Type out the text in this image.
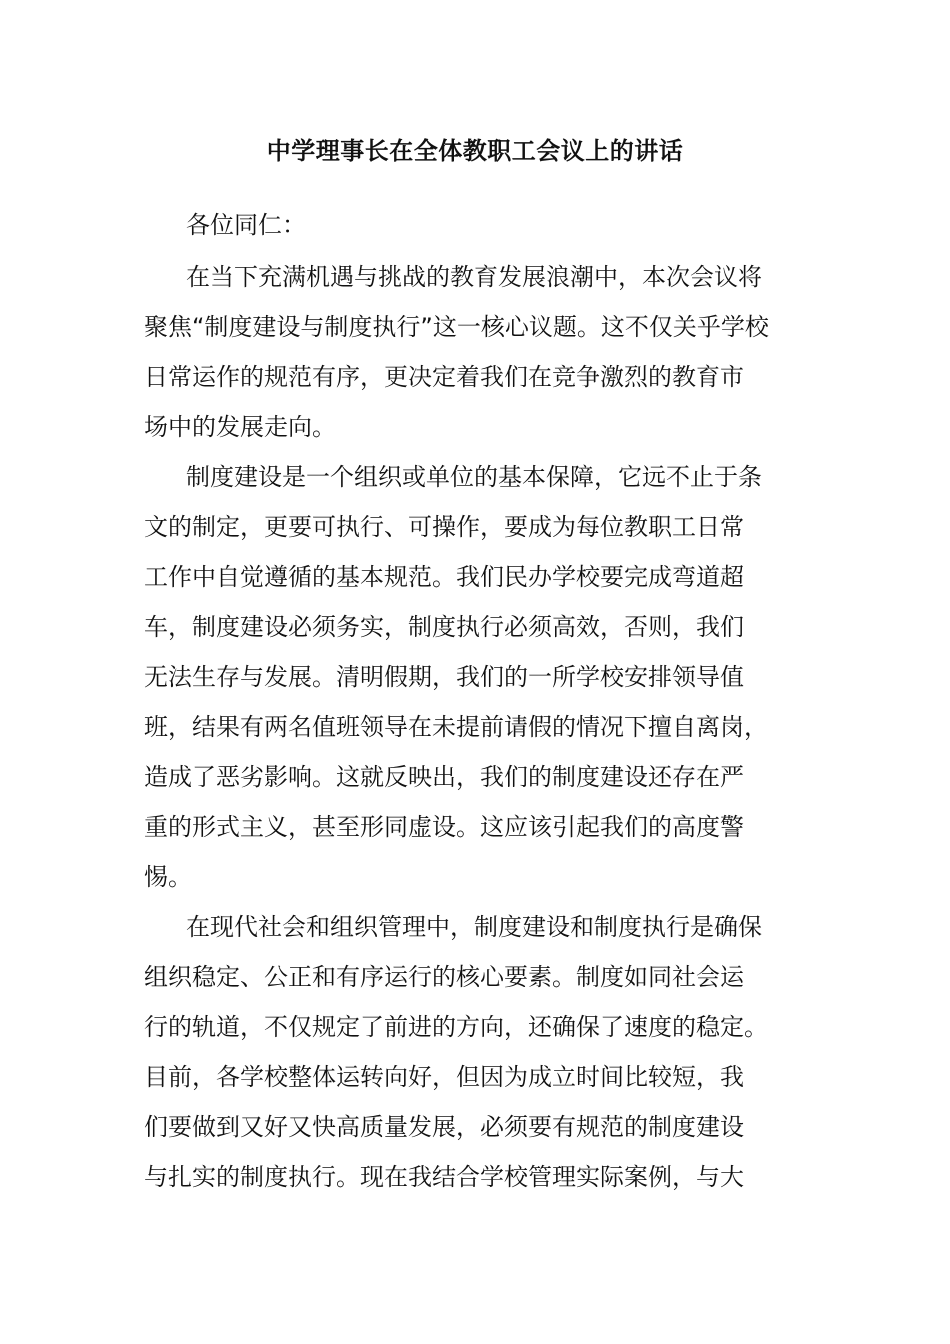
中学理事长在全体教职工会议上的讲话
各位同仁：
在当下充满机遇与挑战的教育发展浪潮中，本次会议将
聚焦“制度建设与制度执行”这一核心议题。这不仅关乎学校
日常运作的规范有序，更决定着我们在竞争激烈的教育市
场中的发展走向。
制度建设是一个组织或单位的基本保障，它远不止于条
文的制定，更要可执行、可操作，要成为每位教职工日常
工作中自觉遵循的基本规范。我们民办学校要完成弯道超
车，制度建设必须务实，制度执行必须高效，否则，我们
无法生存与发展。清明假期，我们的一所学校安排领导值
班，结果有两名值班领导在未提前请假的情况下擅自离岗，
造成了恶劣影响。这就反映出，我们的制度建设还存在严
重的形式主义，甚至形同虚设。这应该引起我们的高度警
惕。
在现代社会和组织管理中，制度建设和制度执行是确保
组织稳定、公正和有序运行的核心要素。制度如同社会运
行的轨道，不仅规定了前进的方向，还确保了速度的稳定。
目前，各学校整体运转向好，但因为成立时间比较短，我
们要做到又好又快高质量发展，必须要有规范的制度建设
与扎实的制度执行。现在我结合学校管理实际案例，与大
